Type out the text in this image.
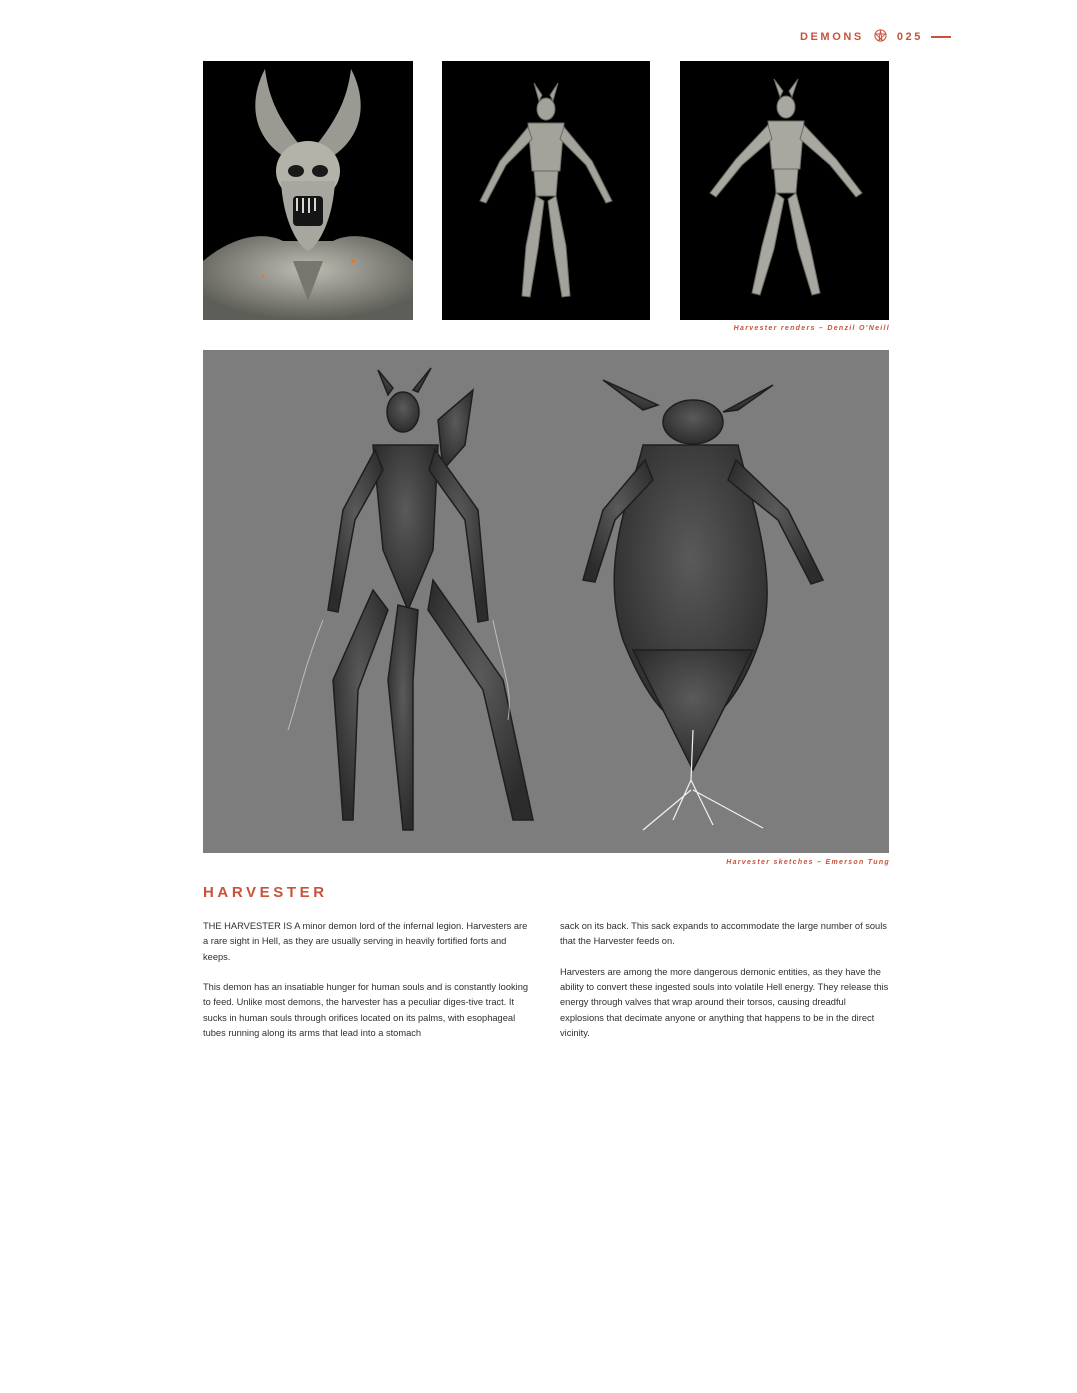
DEMONS	025
Harvester renders – Denzil O'Neill
Harvester sketches – Emerson Tung
HARVESTER

THE HARVESTER IS A minor demon lord of the infernal legion. Harvesters are a rare sight in Hell, as they are usually serving in heavily fortified forts and keeps.

This demon has an insatiable hunger for human souls and is constantly looking to feed. Unlike most demons, the harvester has a peculiar diges-tive tract. It sucks in human souls through orifices located on its palms, with esophageal tubes running along its arms that lead into a stomach

sack on its back. This sack expands to accommodate the large number of souls that the Harvester feeds on.

Harvesters are among the more dangerous demonic entities, as they have the ability to convert these ingested souls into volatile Hell energy. They release this energy through valves that wrap around their torsos, causing dreadful explosions that decimate anyone or anything that happens to be in the direct vicinity.
